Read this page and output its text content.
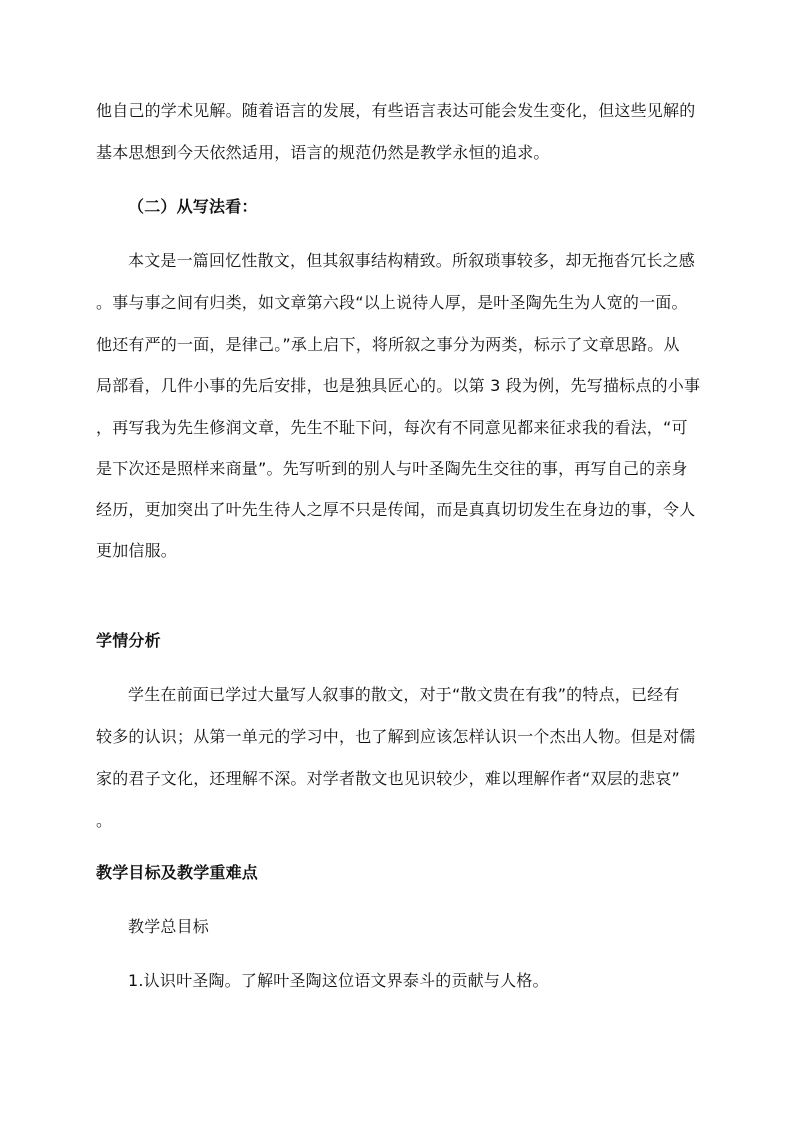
他自己的学术见解。随着语言的发展，有些语言表达可能会发生变化，但这些见解的
基本思想到今天依然适用，语言的规范仍然是教学永恒的追求。
（二）从写法看：
本文是一篇回忆性散文，但其叙事结构精致。所叙琐事较多，却无拖沓冗长之感
。事与事之间有归类，如文章第六段“以上说待人厚，是叶圣陶先生为人宽的一面。
他还有严的一面，是律己。”承上启下，将所叙之事分为两类，标示了文章思路。从
局部看，几件小事的先后安排，也是独具匠心的。以第 3 段为例，先写描标点的小事
，再写我为先生修润文章，先生不耻下问，每次有不同意见都来征求我的看法，“可
是下次还是照样来商量”。先写听到的别人与叶圣陶先生交往的事，再写自己的亲身
经历，更加突出了叶先生待人之厚不只是传闻，而是真真切切发生在身边的事，令人
更加信服。
学情分析
学生在前面已学过大量写人叙事的散文，对于“散文贵在有我”的特点，已经有
较多的认识；从第一单元的学习中，也了解到应该怎样认识一个杰出人物。但是对儒
家的君子文化，还理解不深。对学者散文也见识较少，难以理解作者“双层的悲哀”
。
教学目标及教学重难点
教学总目标
1.认识叶圣陶。了解叶圣陶这位语文界泰斗的贡献与人格。
